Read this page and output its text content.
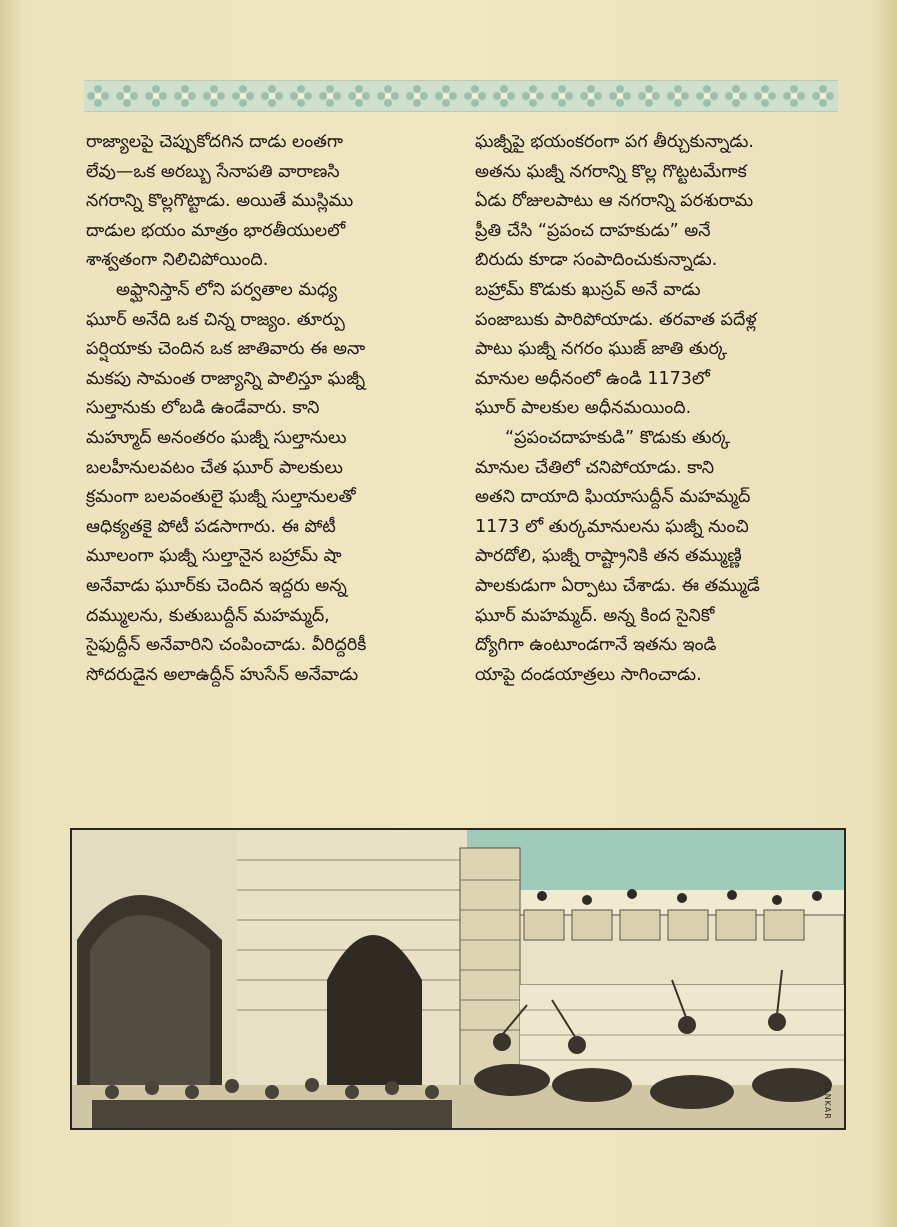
రాజ్యాలపై చెప్పుకోదగిన దాడు లంతగా
లేవు—ఒక అరబ్బు సేనాపతి వారాణసి
నగరాన్ని కొల్లగొట్టాడు. అయితే ముస్లిము
దాడుల భయం మాత్రం భారతీయులలో
శాశ్వతంగా నిలిచిపోయింది.

అఫ్ఘానిస్తాన్ లోని పర్వతాల మధ్య
ఘూర్ అనేది ఒక చిన్న రాజ్యం. తూర్పు
పర్షియాకు చెందిన ఒక జాతివారు ఈ అనా
మకపు సామంత రాజ్యాన్ని పాలిస్తూ ఘజ్నీ
సుల్తానుకు లోబడి ఉండేవారు. కాని
మహ్మూద్ అనంతరం ఘజ్నీ సుల్తానులు
బలహీనులవటం చేత ఘూర్ పాలకులు
క్రమంగా బలవంతులై ఘజ్నీ సుల్తానులతో
ఆధిక్యతకై పోటీ పడసాగారు. ఈ పోటీ
మూలంగా ఘజ్నీ సుల్తానైన బహ్రామ్ షా
అనేవాడు ఘూర్‌కు చెందిన ఇద్దరు అన్న
దమ్ములను, కుతుబుద్దీన్ మహమ్మద్,
సైఫుద్దీన్ అనేవారిని చంపించాడు. వీరిద్దరికీ
సోదరుడైన అలాఉద్దీన్ హుసేన్ అనేవాడు

ఘజ్నీపై భయంకరంగా పగ తీర్చుకున్నాడు.
అతను ఘజ్నీ నగరాన్ని కొల్ల గొట్టటమేగాక
ఏడు రోజులపాటు ఆ నగరాన్ని పరశురామ
ప్రీతి చేసి “ప్రపంచ దాహకుడు” అనే
బిరుదు కూడా సంపాదించుకున్నాడు.
బహ్రామ్ కొడుకు ఖుస్రవ్ అనే వాడు
పంజాబుకు పారిపోయాడు. తరవాత పదేళ్ల
పాటు ఘజ్నీ నగరం ఘుజ్ జాతి తుర్క
మానుల అధీనంలో ఉండి 1173లో
ఘూర్ పాలకుల అధీనమయింది.

“ప్రపంచదాహకుడి” కొడుకు తుర్క
మానుల చేతిలో చనిపోయాడు. కాని
అతని దాయాది ఘియాసుద్దీన్ మహమ్మద్
1173 లో తుర్కమానులను ఘజ్నీ నుంచి
పారదోలి, ఘజ్నీ రాష్ట్రానికి తన తమ్ముణ్ణి
పాలకుడుగా ఏర్పాటు చేశాడు. ఈ తమ్ముడే
ఘూర్ మహమ్మద్. అన్న కింద సైనికో
ద్యోగిగా ఉంటూండగానే ఇతను ఇండి
యాపై దండయాత్రలు సాగించాడు.

SANKAR
